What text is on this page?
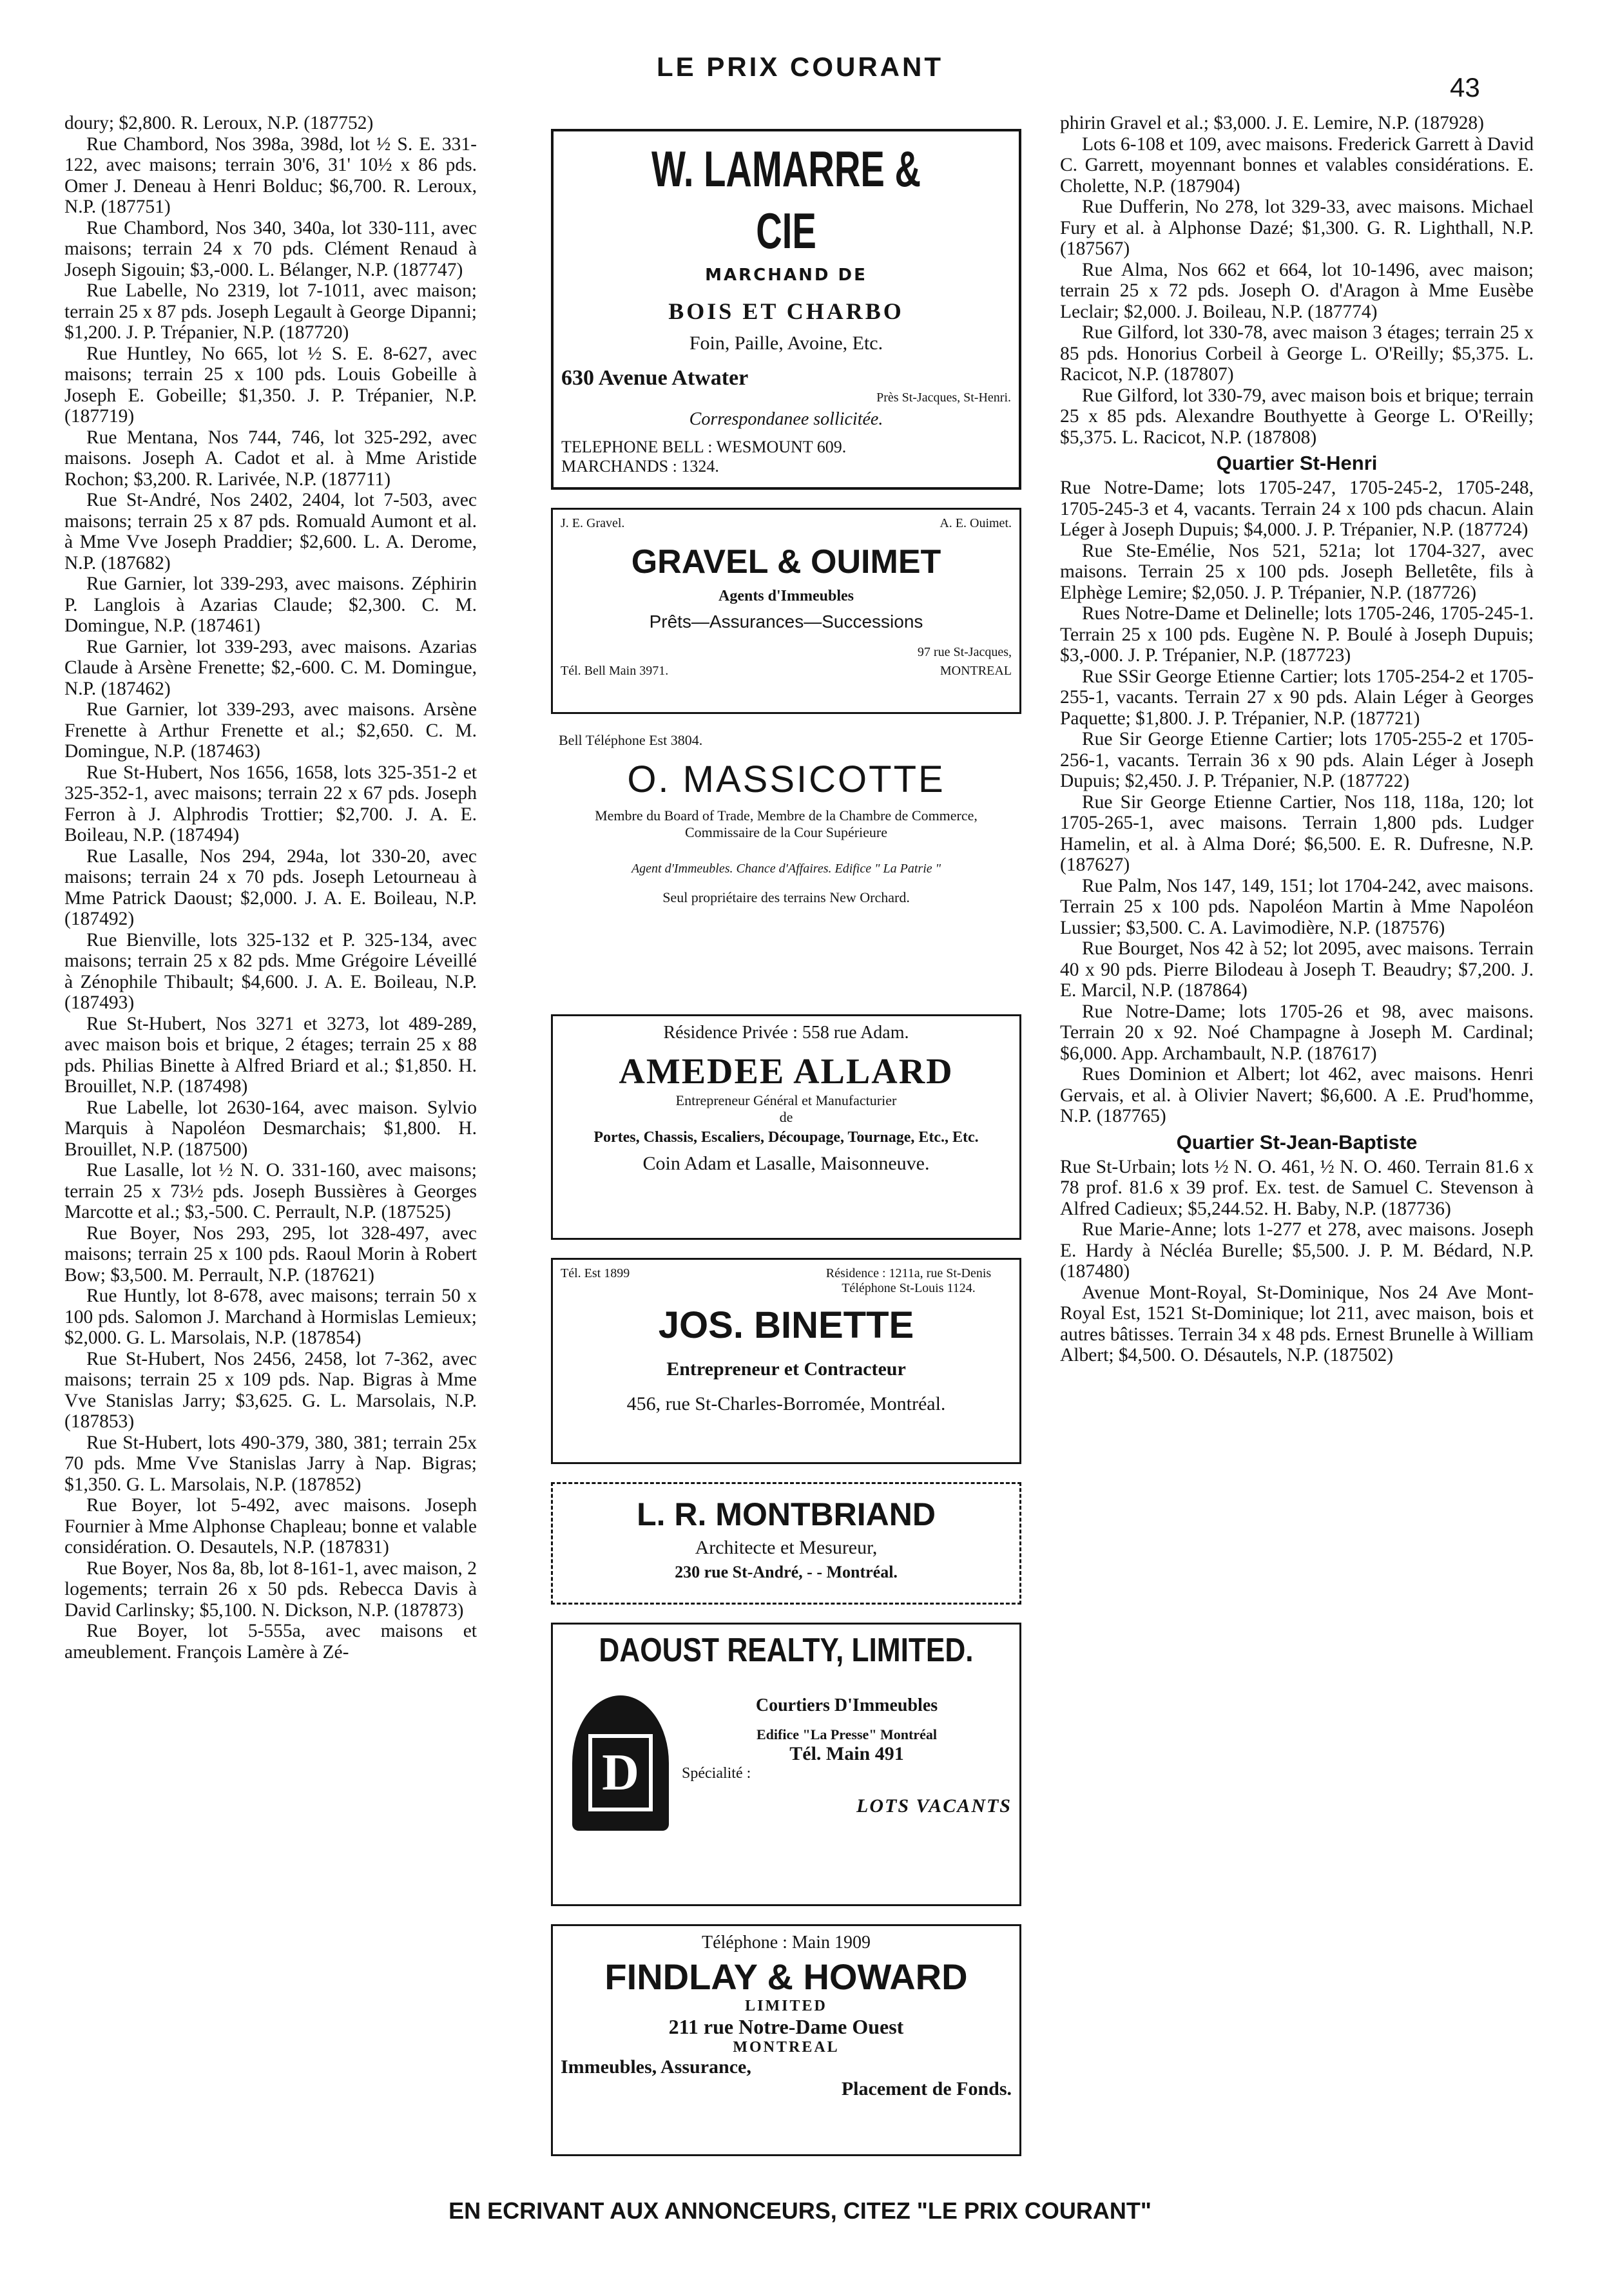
LE PRIX COURANT
43

doury; $2,800. R. Leroux, N.P. (187752)

Rue Chambord, Nos 398a, 398d, lot ½ S. E. 331-122, avec maisons; terrain 30'6, 31' 10½ x 86 pds. Omer J. Deneau à Henri Bolduc; $6,700. R. Leroux, N.P. (187751)

Rue Chambord, Nos 340, 340a, lot 330-111, avec maisons; terrain 24 x 70 pds. Clément Renaud à Joseph Sigouin; $3,-000. L. Bélanger, N.P. (187747)

Rue Labelle, No 2319, lot 7-1011, avec maison; terrain 25 x 87 pds. Joseph Legault à George Dipanni; $1,200. J. P. Trépanier, N.P. (187720)

Rue Huntley, No 665, lot ½ S. E. 8-627, avec maisons; terrain 25 x 100 pds. Louis Gobeille à Joseph E. Gobeille; $1,350. J. P. Trépanier, N.P. (187719)

Rue Mentana, Nos 744, 746, lot 325-292, avec maisons. Joseph A. Cadot et al. à Mme Aristide Rochon; $3,200. R. Larivée, N.P. (187711)

Rue St-André, Nos 2402, 2404, lot 7-503, avec maisons; terrain 25 x 87 pds. Romuald Aumont et al. à Mme Vve Joseph Praddier; $2,600. L. A. Derome, N.P. (187682)

Rue Garnier, lot 339-293, avec maisons. Zéphirin P. Langlois à Azarias Claude; $2,300. C. M. Domingue, N.P. (187461)

Rue Garnier, lot 339-293, avec maisons. Azarias Claude à Arsène Frenette; $2,-600. C. M. Domingue, N.P. (187462)

Rue Garnier, lot 339-293, avec maisons. Arsène Frenette à Arthur Frenette et al.; $2,650. C. M. Domingue, N.P. (187463)

Rue St-Hubert, Nos 1656, 1658, lots 325-351-2 et 325-352-1, avec maisons; terrain 22 x 67 pds. Joseph Ferron à J. Alphrodis Trottier; $2,700. J. A. E. Boileau, N.P. (187494)

Rue Lasalle, Nos 294, 294a, lot 330-20, avec maisons; terrain 24 x 70 pds. Joseph Letourneau à Mme Patrick Daoust; $2,000. J. A. E. Boileau, N.P. (187492)

Rue Bienville, lots 325-132 et P. 325-134, avec maisons; terrain 25 x 82 pds. Mme Grégoire Léveillé à Zénophile Thibault; $4,600. J. A. E. Boileau, N.P. (187493)

Rue St-Hubert, Nos 3271 et 3273, lot 489-289, avec maison bois et brique, 2 étages; terrain 25 x 88 pds. Philias Binette à Alfred Briard et al.; $1,850. H. Brouillet, N.P. (187498)

Rue Labelle, lot 2630-164, avec maison. Sylvio Marquis à Napoléon Desmarchais; $1,800. H. Brouillet, N.P. (187500)

Rue Lasalle, lot ½ N. O. 331-160, avec maisons; terrain 25 x 73½ pds. Joseph Bussières à Georges Marcotte et al.; $3,-500. C. Perrault, N.P. (187525)

Rue Boyer, Nos 293, 295, lot 328-497, avec maisons; terrain 25 x 100 pds. Raoul Morin à Robert Bow; $3,500. M. Perrault, N.P. (187621)

Rue Huntly, lot 8-678, avec maisons; terrain 50 x 100 pds. Salomon J. Marchand à Hormislas Lemieux; $2,000. G. L. Marsolais, N.P. (187854)

Rue St-Hubert, Nos 2456, 2458, lot 7-362, avec maisons; terrain 25 x 109 pds. Nap. Bigras à Mme Vve Stanislas Jarry; $3,625. G. L. Marsolais, N.P. (187853)

Rue St-Hubert, lots 490-379, 380, 381; terrain 25x 70 pds. Mme Vve Stanislas Jarry à Nap. Bigras; $1,350. G. L. Marsolais, N.P. (187852)

Rue Boyer, lot 5-492, avec maisons. Joseph Fournier à Mme Alphonse Chapleau; bonne et valable considération. O. Desautels, N.P. (187831)

Rue Boyer, Nos 8a, 8b, lot 8-161-1, avec maison, 2 logements; terrain 26 x 50 pds. Rebecca Davis à David Carlinsky; $5,100. N. Dickson, N.P. (187873)

Rue Boyer, lot 5-555a, avec maisons et ameublement. François Lamère à Zé-

W. LAMARRE & CIE
MARCHAND DE
BOIS ET CHARBO
Foin, Paille, Avoine, Etc.
630 Avenue Atwater
Près St-Jacques, St-Henri.
Correspondanee sollicitée.
TELEPHONE BELL : WESMOUNT 609.
MARCHANDS : 1324.
J. E. Gravel.	A. E. Ouimet.
GRAVEL & OUIMET
Agents d'Immeubles
Prêts—Assurances—Successions
97 rue St-Jacques,
Tél. Bell Main 3971.	MONTREAL
Bell Téléphone Est 3804.
O. MASSICOTTE
Membre du Board of Trade, Membre de la Chambre de Commerce, Commissaire de la Cour Supérieure
Agent d'Immeubles. Chance d'Affaires. Edifice " La Patrie "
Seul propriétaire des terrains New Orchard.
Résidence Privée : 558 rue Adam.
AMEDEE ALLARD
Entrepreneur Général et Manufacturier
de
Portes, Chassis, Escaliers, Découpage, Tournage, Etc., Etc.
Coin Adam et Lasalle, Maisonneuve.
Tél. Est 1899	Résidence : 1211a, rue St-Denis Téléphone St-Louis 1124.
JOS. BINETTE
Entrepreneur et Contracteur
456, rue St-Charles-Borromée, Montréal.
L. R. MONTBRIAND
Architecte et Mesureur,
230 rue St-André, - - Montréal.
DAOUST REALTY, LIMITED.
D
Courtiers D'Immeubles
Edifice "La Presse" Montréal
Tél. Main 491
Spécialité :
LOTS VACANTS
Téléphone : Main 1909
FINDLAY & HOWARD
LIMITED
211 rue Notre-Dame Ouest
MONTREAL
Immeubles, Assurance,
Placement de Fonds.

phirin Gravel et al.; $3,000. J. E. Lemire, N.P. (187928)

Lots 6-108 et 109, avec maisons. Frederick Garrett à David C. Garrett, moyennant bonnes et valables considérations. E. Cholette, N.P. (187904)

Rue Dufferin, No 278, lot 329-33, avec maisons. Michael Fury et al. à Alphonse Dazé; $1,300. G. R. Lighthall, N.P. (187567)

Rue Alma, Nos 662 et 664, lot 10-1496, avec maison; terrain 25 x 72 pds. Joseph O. d'Aragon à Mme Eusèbe Leclair; $2,000. J. Boileau, N.P. (187774)

Rue Gilford, lot 330-78, avec maison 3 étages; terrain 25 x 85 pds. Honorius Corbeil à George L. O'Reilly; $5,375. L. Racicot, N.P. (187807)

Rue Gilford, lot 330-79, avec maison bois et brique; terrain 25 x 85 pds. Alexandre Bouthyette à George L. O'Reilly; $5,375. L. Racicot, N.P. (187808)

Quartier St-Henri

Rue Notre-Dame; lots 1705-247, 1705-245-2, 1705-248, 1705-245-3 et 4, vacants. Terrain 24 x 100 pds chacun. Alain Léger à Joseph Dupuis; $4,000. J. P. Trépanier, N.P. (187724)

Rue Ste-Emélie, Nos 521, 521a; lot 1704-327, avec maisons. Terrain 25 x 100 pds. Joseph Belletête, fils à Elphège Lemire; $2,050. J. P. Trépanier, N.P. (187726)

Rues Notre-Dame et Delinelle; lots 1705-246, 1705-245-1. Terrain 25 x 100 pds. Eugène N. P. Boulé à Joseph Dupuis; $3,-000. J. P. Trépanier, N.P. (187723)

Rue SSir George Etienne Cartier; lots 1705-254-2 et 1705-255-1, vacants. Terrain 27 x 90 pds. Alain Léger à Georges Paquette; $1,800. J. P. Trépanier, N.P. (187721)

Rue Sir George Etienne Cartier; lots 1705-255-2 et 1705-256-1, vacants. Terrain 36 x 90 pds. Alain Léger à Joseph Dupuis; $2,450. J. P. Trépanier, N.P. (187722)

Rue Sir George Etienne Cartier, Nos 118, 118a, 120; lot 1705-265-1, avec maisons. Terrain 1,800 pds. Ludger Hamelin, et al. à Alma Doré; $6,500. E. R. Dufresne, N.P. (187627)

Rue Palm, Nos 147, 149, 151; lot 1704-242, avec maisons. Terrain 25 x 100 pds. Napoléon Martin à Mme Napoléon Lussier; $3,500. C. A. Lavimodière, N.P. (187576)

Rue Bourget, Nos 42 à 52; lot 2095, avec maisons. Terrain 40 x 90 pds. Pierre Bilodeau à Joseph T. Beaudry; $7,200. J. E. Marcil, N.P. (187864)

Rue Notre-Dame; lots 1705-26 et 98, avec maisons. Terrain 20 x 92. Noé Champagne à Joseph M. Cardinal; $6,000. App. Archambault, N.P. (187617)

Rues Dominion et Albert; lot 462, avec maisons. Henri Gervais, et al. à Olivier Navert; $6,600. A .E. Prud'homme, N.P. (187765)

Quartier St-Jean-Baptiste

Rue St-Urbain; lots ½ N. O. 461, ½ N. O. 460. Terrain 81.6 x 78 prof. 81.6 x 39 prof. Ex. test. de Samuel C. Stevenson à Alfred Cadieux; $5,244.52. H. Baby, N.P. (187736)

Rue Marie-Anne; lots 1-277 et 278, avec maisons. Joseph E. Hardy à Nécléa Burelle; $5,500. J. P. M. Bédard, N.P. (187480)

Avenue Mont-Royal, St-Dominique, Nos 24 Ave Mont-Royal Est, 1521 St-Dominique; lot 211, avec maison, bois et autres bâtisses. Terrain 34 x 48 pds. Ernest Brunelle à William Albert; $4,500. O. Désautels, N.P. (187502)

EN ECRIVANT AUX ANNONCEURS, CITEZ "LE PRIX COURANT"
